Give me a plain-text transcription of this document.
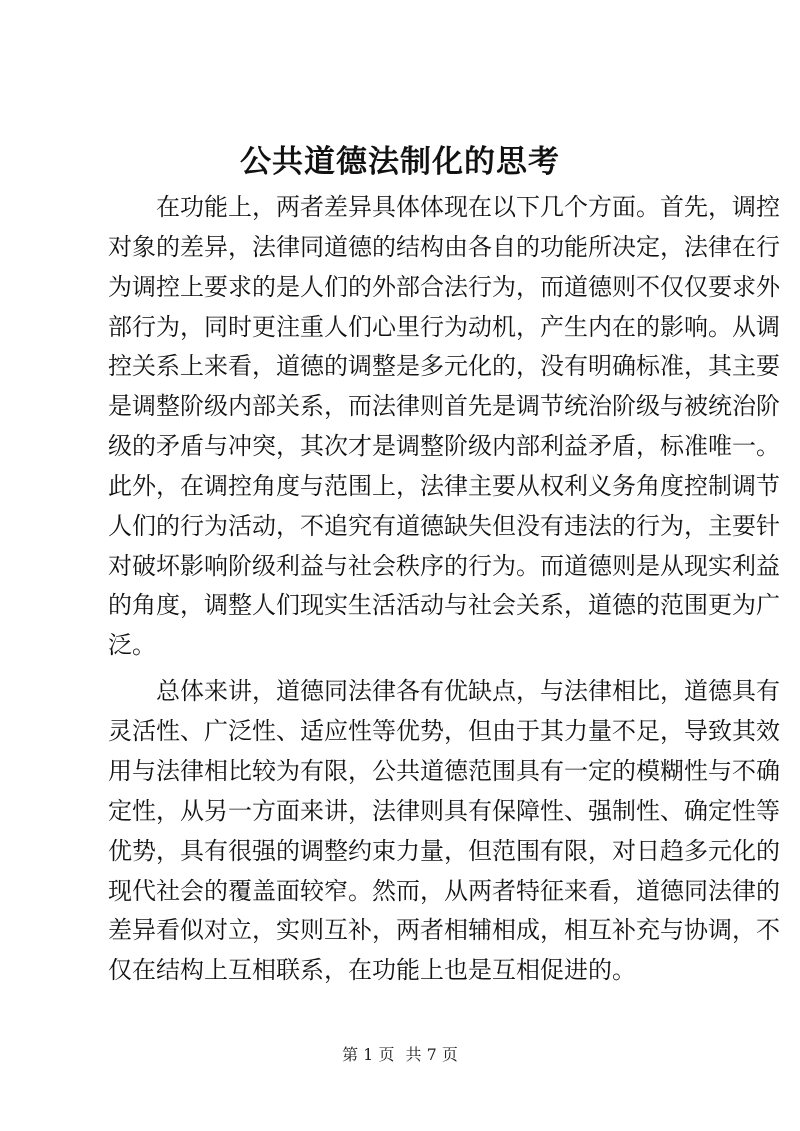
公共道德法制化的思考
　　在功能上，两者差异具体体现在以下几个方面。首先，调控
对象的差异，法律同道德的结构由各自的功能所决定，法律在行
为调控上要求的是人们的外部合法行为，而道德则不仅仅要求外
部行为，同时更注重人们心里行为动机，产生内在的影响。从调
控关系上来看，道德的调整是多元化的，没有明确标准，其主要
是调整阶级内部关系，而法律则首先是调节统治阶级与被统治阶
级的矛盾与冲突，其次才是调整阶级内部利益矛盾，标准唯一。
此外，在调控角度与范围上，法律主要从权利义务角度控制调节
人们的行为活动，不追究有道德缺失但没有违法的行为，主要针
对破坏影响阶级利益与社会秩序的行为。而道德则是从现实利益
的角度，调整人们现实生活活动与社会关系，道德的范围更为广
泛。
　　总体来讲，道德同法律各有优缺点，与法律相比，道德具有
灵活性、广泛性、适应性等优势，但由于其力量不足，导致其效
用与法律相比较为有限，公共道德范围具有一定的模糊性与不确
定性，从另一方面来讲，法律则具有保障性、强制性、确定性等
优势，具有很强的调整约束力量，但范围有限，对日趋多元化的
现代社会的覆盖面较窄。然而，从两者特征来看，道德同法律的
差异看似对立，实则互补，两者相辅相成，相互补充与协调，不
仅在结构上互相联系，在功能上也是互相促进的。
第 1 页 共 7 页
